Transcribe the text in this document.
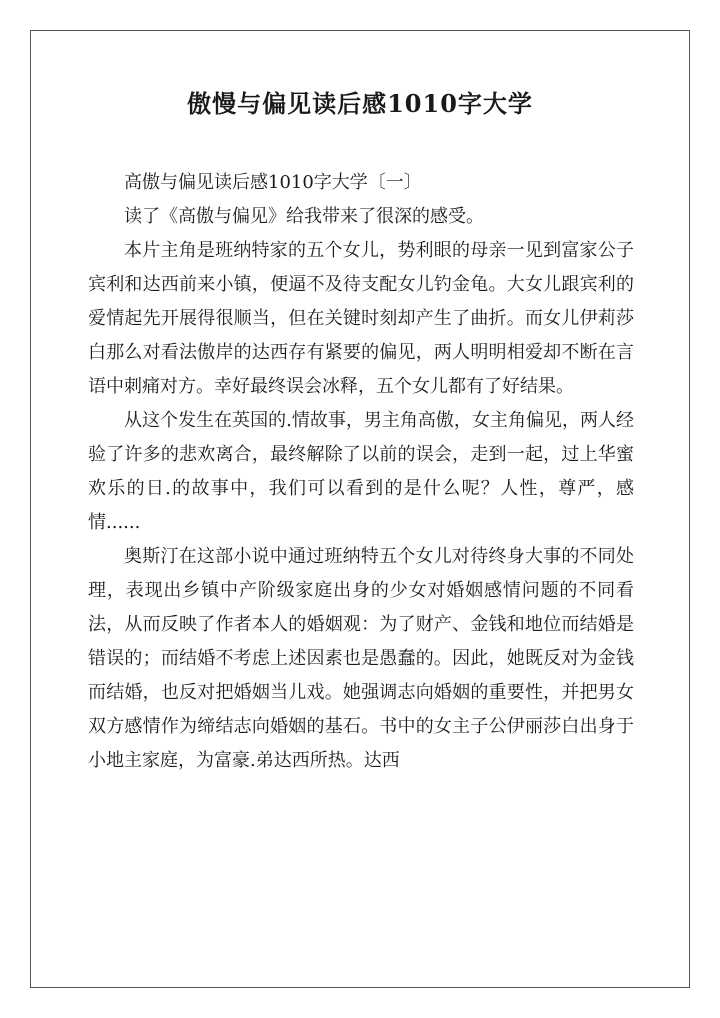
傲慢与偏见读后感1010字大学

高傲与偏见读后感1010字大学〔一〕

读了《高傲与偏见》给我带来了很深的感受。

本片主角是班纳特家的五个女儿，势利眼的母亲一见到富家公子宾利和达西前来小镇，便逼不及待支配女儿钓金龟。大女儿跟宾利的爱情起先开展得很顺当，但在关键时刻却产生了曲折。而女儿伊莉莎白那么对看法傲岸的达西存有紧要的偏见，两人明明相爱却不断在言语中刺痛对方。幸好最终误会冰释，五个女儿都有了好结果。

从这个发生在英国的.情故事，男主角高傲，女主角偏见，两人经验了许多的悲欢离合，最终解除了以前的误会，走到一起，过上华蜜欢乐的日.的故事中，我们可以看到的是什么呢？人性，尊严，感情......

奥斯汀在这部小说中通过班纳特五个女儿对待终身大事的不同处理，表现出乡镇中产阶级家庭出身的少女对婚姻感情问题的不同看法，从而反映了作者本人的婚姻观：为了财产、金钱和地位而结婚是错误的；而结婚不考虑上述因素也是愚蠢的。因此，她既反对为金钱而结婚，也反对把婚姻当儿戏。她强调志向婚姻的重要性，并把男女双方感情作为缔结志向婚姻的基石。书中的女主子公伊丽莎白出身于小地主家庭，为富豪.弟达西所热。达西
